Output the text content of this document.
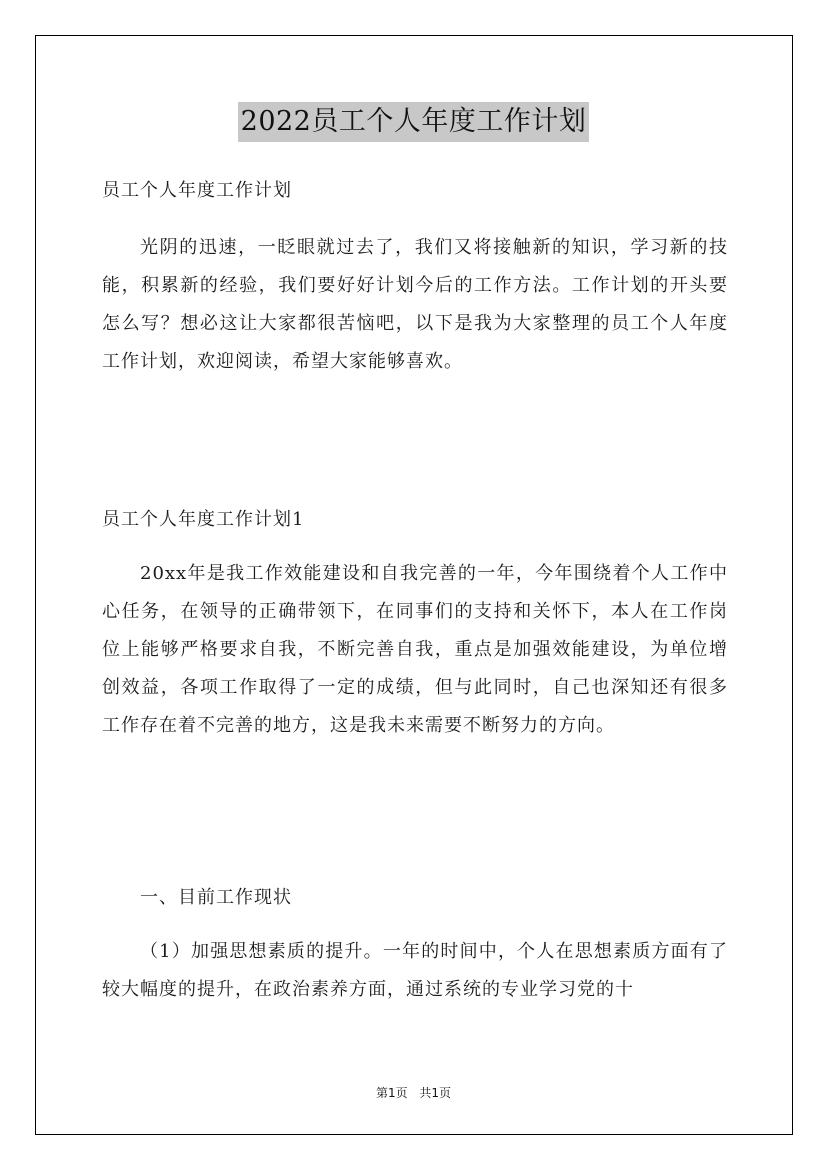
2022员工个人年度工作计划

员工个人年度工作计划

光阴的迅速，一眨眼就过去了，我们又将接触新的知识，学习新的技能，积累新的经验，我们要好好计划今后的工作方法。工作计划的开头要怎么写？想必这让大家都很苦恼吧，以下是我为大家整理的员工个人年度工作计划，欢迎阅读，希望大家能够喜欢。

员工个人年度工作计划1

20xx年是我工作效能建设和自我完善的一年，今年围绕着个人工作中心任务，在领导的正确带领下，在同事们的支持和关怀下，本人在工作岗位上能够严格要求自我，不断完善自我，重点是加强效能建设，为单位增创效益，各项工作取得了一定的成绩，但与此同时，自己也深知还有很多工作存在着不完善的地方，这是我未来需要不断努力的方向。

一、目前工作现状

（1）加强思想素质的提升。一年的时间中，个人在思想素质方面有了较大幅度的提升，在政治素养方面，通过系统的专业学习党的十

第1页 共1页
